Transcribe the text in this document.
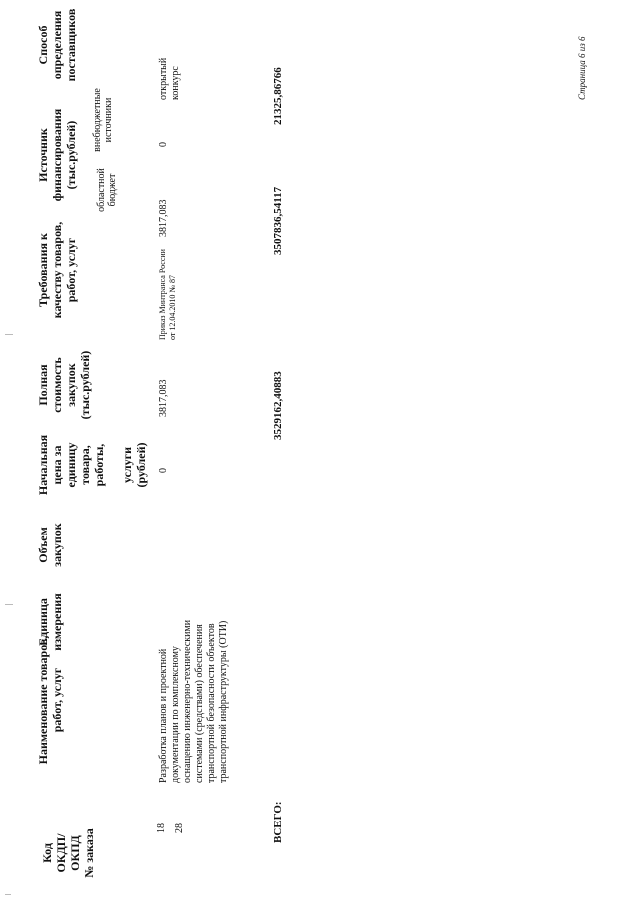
Код
ОКДП/
ОКПД
№ заказа
Наименование товаров,
работ, услуг
Единица
измерения
Объем
закупок
Начальная
цена за
единицу
товара,
работы,

услуги
(рублей)
Полная
стоимость
закупок
(тыс.рублей)
Требования к
качеству товаров,
работ, услуг
Источник
финансирования
(тыс.рублей)
областной
бюджет
внебюджетные
источники
Способ
определения
поставщиков
18 28
Разработка планов и проектной
документации по комплексному
оснащению инженерно-техническими
системами (средствами) обеспечения
транспортной безопасности объектов
транспортной инфраструктуры (ОТИ)
0
3817,083
Приказ Минтранса России
от 12.04.2010 № 87
3817,083
0
открытый
конкурс
ВСЕГО:
3529162,40883
3507836,54117
21325,86766	Страница 6 из 6
